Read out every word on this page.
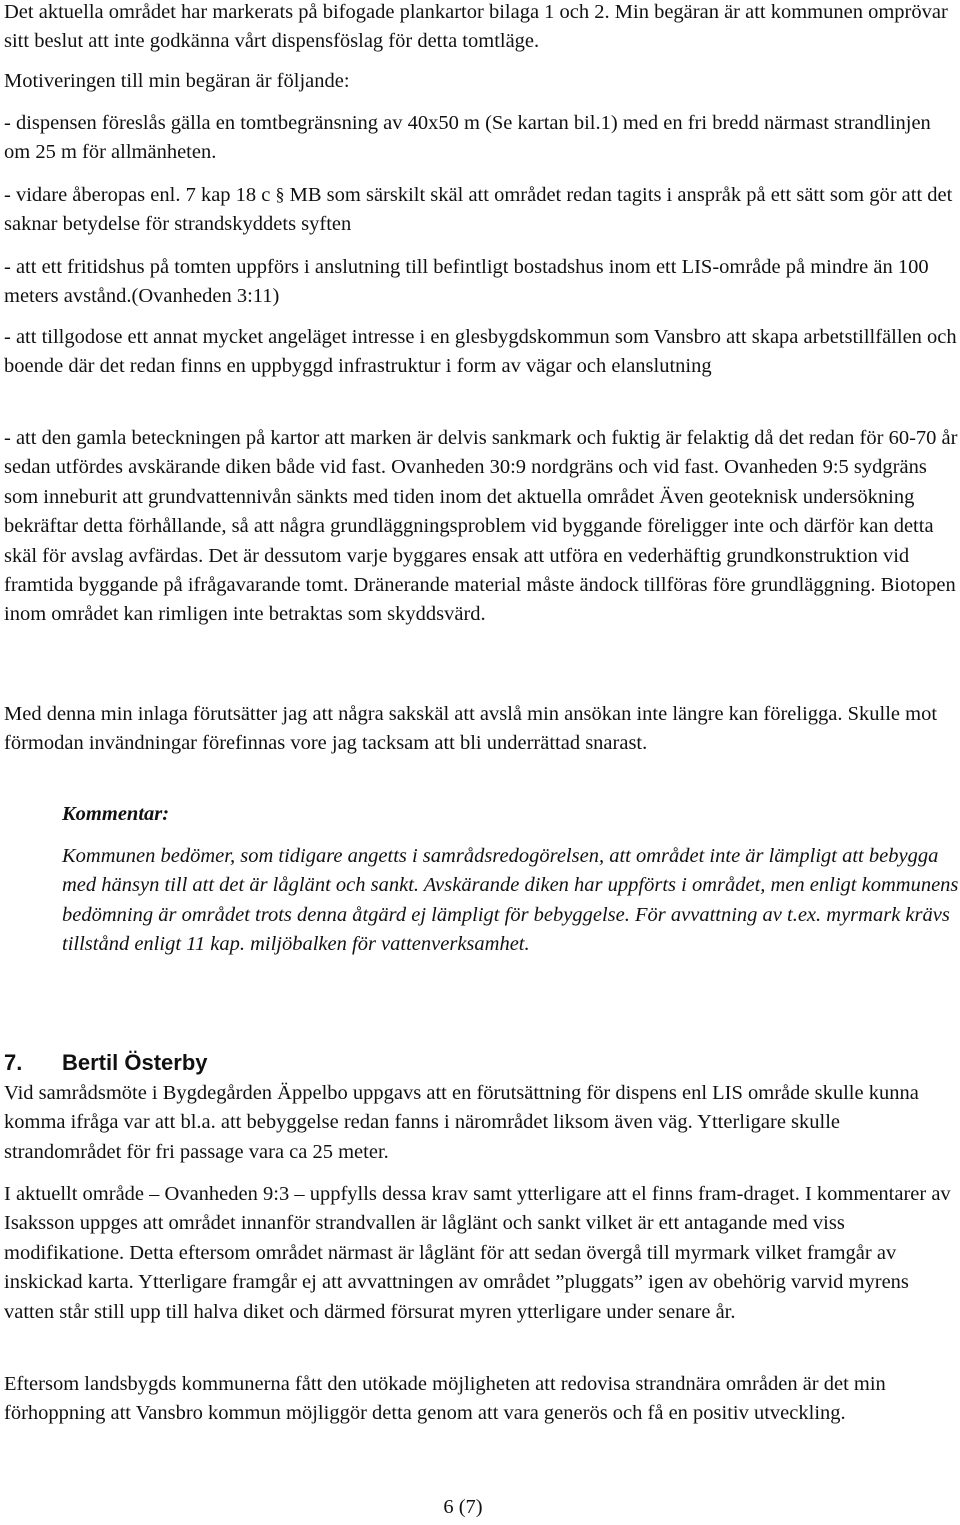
Det aktuella området har markerats på bifogade plankartor bilaga 1 och 2. Min begäran är att kommunen omprövar sitt beslut att inte godkänna vårt dispensföslag för detta tomtläge.

Motiveringen till min begäran är följande:

- dispensen föreslås gälla en tomtbegränsning av 40x50 m (Se kartan bil.1) med en fri bredd närmast strandlinjen om 25 m för allmänheten.

- vidare åberopas enl. 7 kap 18 c § MB som särskilt skäl att området redan tagits i anspråk på ett sätt som gör att det saknar betydelse för strandskyddets syften

- att ett fritidshus på tomten uppförs i anslutning till befintligt bostadshus inom ett LIS-område på mindre än 100 meters avstånd.(Ovanheden 3:11)

- att tillgodose ett annat mycket angeläget intresse i en glesbygdskommun som Vansbro att skapa arbetstillfällen och boende där det redan finns en uppbyggd infrastruktur i form av vägar och elanslutning

- att den gamla beteckningen på kartor att marken är delvis sankmark och fuktig är felaktig då det redan för 60-70 år sedan utfördes avskärande diken både vid fast. Ovanheden 30:9 nordgräns och vid fast. Ovanheden 9:5 sydgräns som inneburit att grundvattennivån sänkts med tiden inom det aktuella området Även geoteknisk undersökning bekräftar detta förhållande, så att några grundläggningsproblem vid byggande föreligger inte och därför kan detta skäl för avslag avfärdas. Det är dessutom varje byggares ensak att utföra en vederhäftig grundkonstruktion vid framtida byggande på ifrågavarande tomt. Dränerande material måste ändock tillföras före grundläggning. Biotopen inom området kan rimligen inte betraktas som skyddsvärd.

Med denna min inlaga förutsätter jag att några sakskäl att avslå min ansökan inte längre kan föreligga. Skulle mot förmodan invändningar förefinnas vore jag tacksam att bli underrättad snarast.

Kommentar:

Kommunen bedömer, som tidigare angetts i samrådsredogörelsen, att området inte är lämpligt att bebygga med hänsyn till att det är låglänt och sankt. Avskärande diken har uppförts i området, men enligt kommunens bedömning är området trots denna åtgärd ej lämpligt för bebyggelse. För avvattning av t.ex. myrmark krävs tillstånd enligt 11 kap. miljöbalken för vattenverksamhet.

7. Bertil Österby

Vid samrådsmöte i Bygdegården Äppelbo uppgavs att en förutsättning för dispens enl LIS område skulle kunna komma ifråga var att bl.a. att bebyggelse redan fanns i närområdet liksom även väg. Ytterligare skulle strandområdet för fri passage vara ca 25 meter.

I aktuellt område – Ovanheden 9:3 – uppfylls dessa krav samt ytterligare att el finns fram-draget. I kommentarer av Isaksson uppges att området innanför strandvallen är låglänt och sankt vilket är ett antagande med viss modifikatione. Detta eftersom området närmast är låglänt för att sedan övergå till myrmark vilket framgår av inskickad karta. Ytterligare framgår ej att avvattningen av området ”pluggats” igen av obehörig varvid myrens vatten står still upp till halva diket och därmed försurat myren ytterligare under senare år.

Eftersom landsbygds kommunerna fått den utökade möjligheten att redovisa strandnära områden är det min förhoppning att Vansbro kommun möjliggör detta genom att vara generös och få en positiv utveckling.

6 (7)
